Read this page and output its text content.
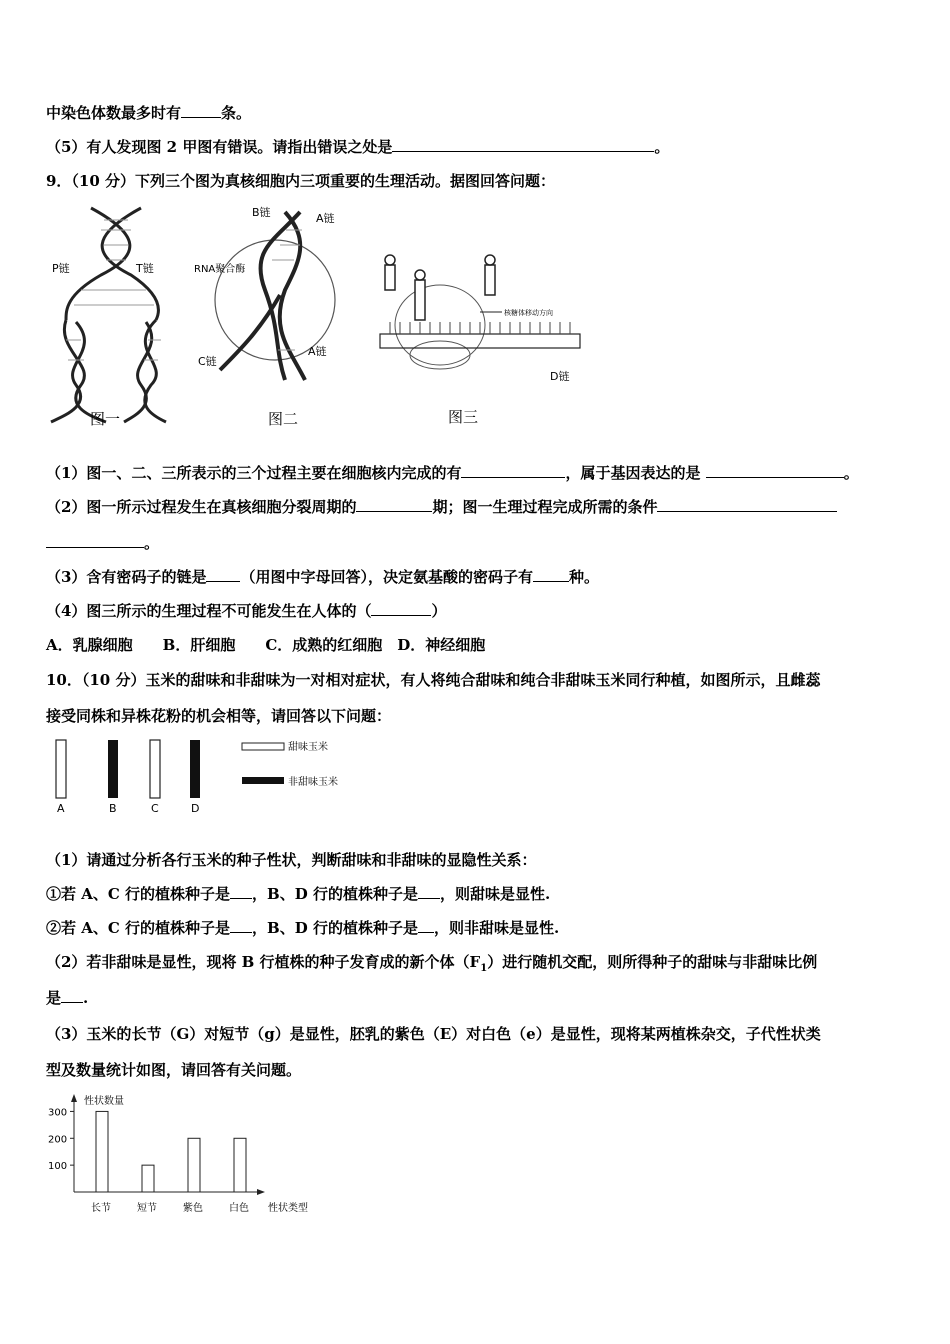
中染色体数最多时有	条。
（5）有人发现图 2 甲图有错误。请指出错误之处是	。
9．（10 分）下列三个图为真核细胞内三项重要的生理活动。据图回答问题：
P链	T链
图一
B链	A链
RNA聚合酶
A链
C链
图二
核糖体移动方向
D链
图三
（1）图一、二、三所表示的三个过程主要在细胞核内完成的有	，属于基因表达的是	。
（2）图一所示过程发生在真核细胞分裂周期的	期；图一生理过程完成所需的条件
。
（3）含有密码子的链是 （用图中字母回答），决定氨基酸的密码子有 种。
（4）图三所示的生理过程不可能发生在人体的（	）
A．乳腺细胞　　B．肝细胞　　C．成熟的红细胞　D．神经细胞
10．（10 分）玉米的甜味和非甜味为一对相对症状，有人将纯合甜味和纯合非甜味玉米同行种植，如图所示，且雌蕊
接受同株和异株花粉的机会相等，请回答以下问题：
A	B	C	D
甜味玉米
非甜味玉米
（1）请通过分析各行玉米的种子性状，判断甜味和非甜味的显隐性关系：
①若 A、C 行的植株种子是 ，B、D 行的植株种子是 ，则甜味是显性.
②若 A、C 行的植株种子是 ，B、D 行的植株种子是 ，则非甜味是显性.
（2）若非甜味是显性，现将 B 行植株的种子发育成的新个体$(F_1)$进行随机交配，则所得种子的甜味与非甜味比例
是 .
（3）玉米的长节（G）对短节（g）是显性，胚乳的紫色（E）对白色（e）是显性，现将某两植株杂交，子代性状类
型及数量统计如图，请回答有关问题。
性状数量
性状类型
100
200
300
长节	短节	紫色	白色
